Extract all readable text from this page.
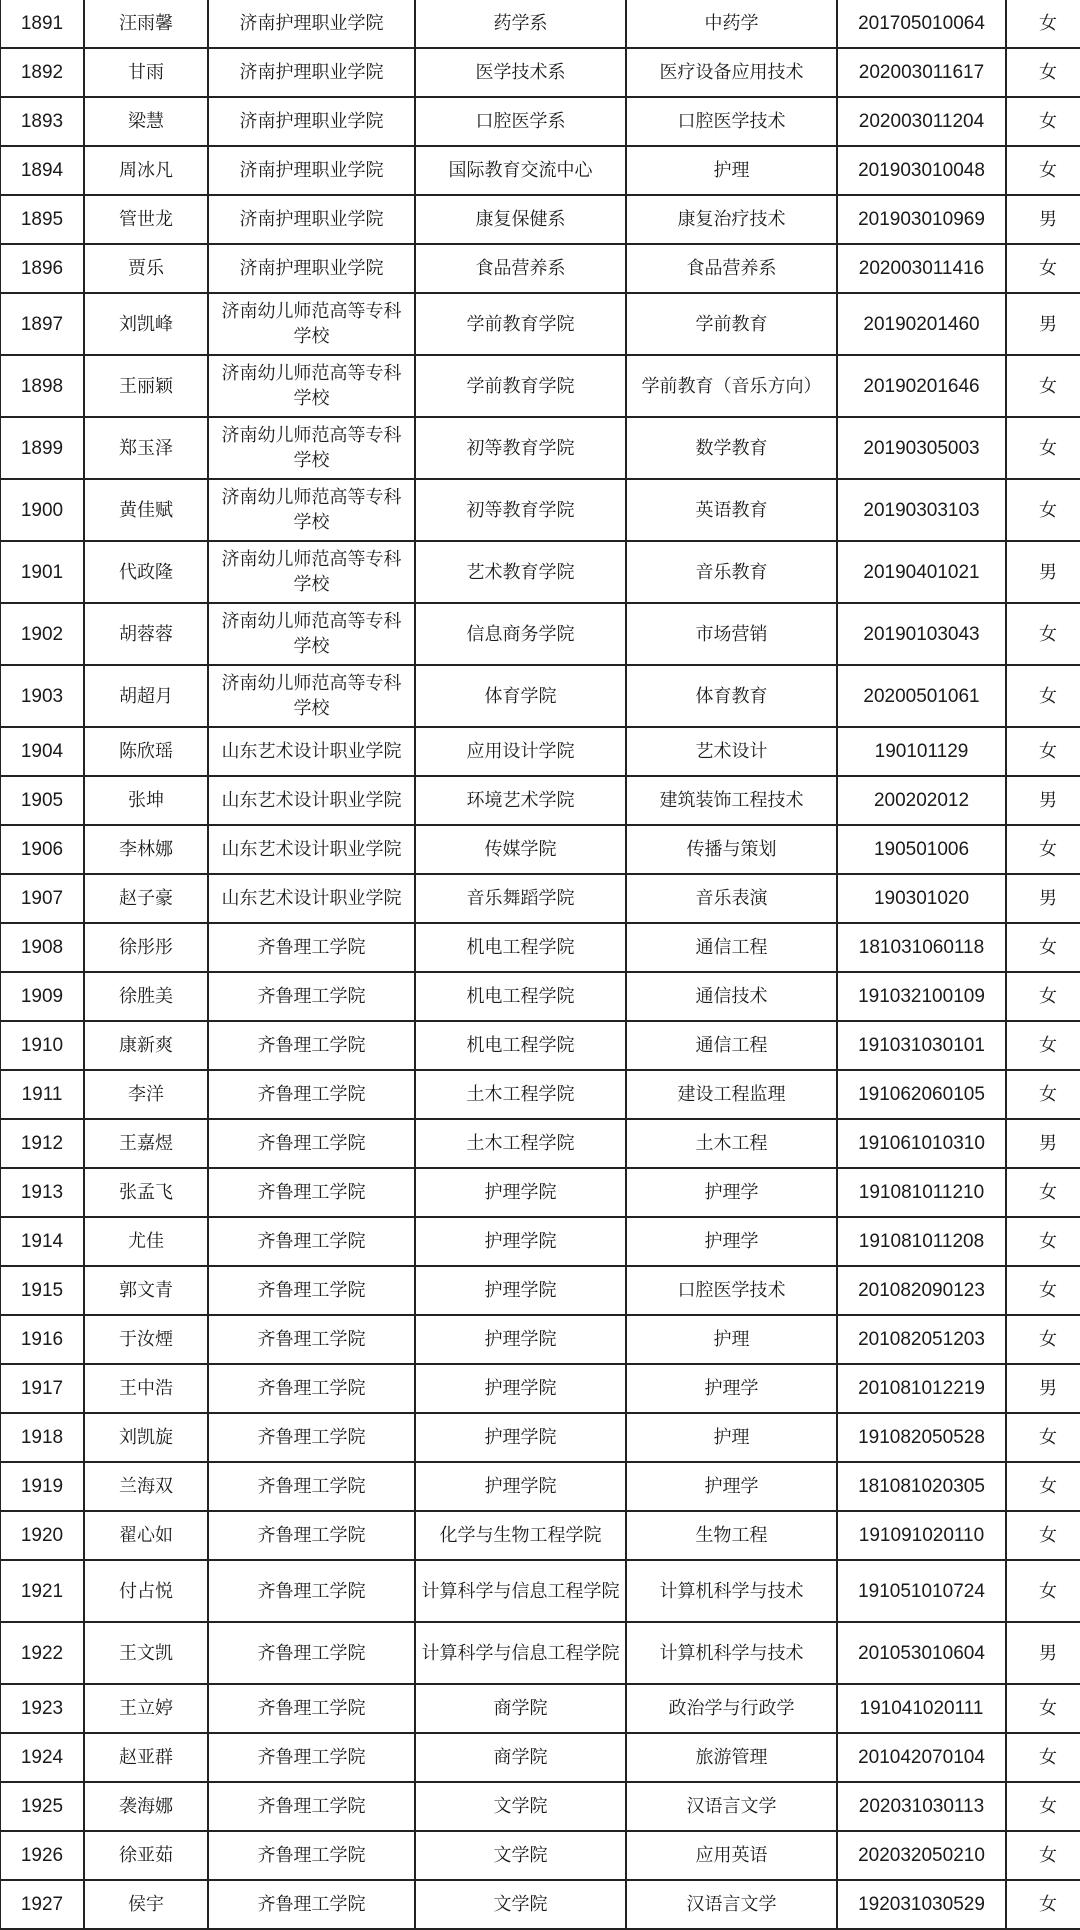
1891	汪雨馨	济南护理职业学院	药学系	中药学	201705010064	女
1892	甘雨	济南护理职业学院	医学技术系	医疗设备应用技术	202003011617	女
1893	梁慧	济南护理职业学院	口腔医学系	口腔医学技术	202003011204	女
1894	周冰凡	济南护理职业学院	国际教育交流中心	护理	201903010048	女
1895	管世龙	济南护理职业学院	康复保健系	康复治疗技术	201903010969	男
1896	贾乐	济南护理职业学院	食品营养系	食品营养系	202003011416	女
1897	刘凯峰	济南幼儿师范高等专科学校	学前教育学院	学前教育	20190201460	男
1898	王丽颖	济南幼儿师范高等专科学校	学前教育学院	学前教育（音乐方向）	20190201646	女
1899	郑玉泽	济南幼儿师范高等专科学校	初等教育学院	数学教育	20190305003	女
1900	黄佳赋	济南幼儿师范高等专科学校	初等教育学院	英语教育	20190303103	女
1901	代政隆	济南幼儿师范高等专科学校	艺术教育学院	音乐教育	20190401021	男
1902	胡蓉蓉	济南幼儿师范高等专科学校	信息商务学院	市场营销	20190103043	女
1903	胡超月	济南幼儿师范高等专科学校	体育学院	体育教育	20200501061	女
1904	陈欣瑶	山东艺术设计职业学院	应用设计学院	艺术设计	190101129	女
1905	张坤	山东艺术设计职业学院	环境艺术学院	建筑装饰工程技术	200202012	男
1906	李林娜	山东艺术设计职业学院	传媒学院	传播与策划	190501006	女
1907	赵子豪	山东艺术设计职业学院	音乐舞蹈学院	音乐表演	190301020	男
1908	徐彤彤	齐鲁理工学院	机电工程学院	通信工程	181031060118	女
1909	徐胜美	齐鲁理工学院	机电工程学院	通信技术	191032100109	女
1910	康新爽	齐鲁理工学院	机电工程学院	通信工程	191031030101	女
1911	李洋	齐鲁理工学院	土木工程学院	建设工程监理	191062060105	女
1912	王嘉煜	齐鲁理工学院	土木工程学院	土木工程	191061010310	男
1913	张孟飞	齐鲁理工学院	护理学院	护理学	191081011210	女
1914	尤佳	齐鲁理工学院	护理学院	护理学	191081011208	女
1915	郭文青	齐鲁理工学院	护理学院	口腔医学技术	201082090123	女
1916	于汝煙	齐鲁理工学院	护理学院	护理	201082051203	女
1917	王中浩	齐鲁理工学院	护理学院	护理学	201081012219	男
1918	刘凯旋	齐鲁理工学院	护理学院	护理	191082050528	女
1919	兰海双	齐鲁理工学院	护理学院	护理学	181081020305	女
1920	翟心如	齐鲁理工学院	化学与生物工程学院	生物工程	191091020110	女
1921	付占悦	齐鲁理工学院	计算科学与信息工程学院	计算机科学与技术	191051010724	女
1922	王文凯	齐鲁理工学院	计算科学与信息工程学院	计算机科学与技术	201053010604	男
1923	王立婷	齐鲁理工学院	商学院	政治学与行政学	191041020111	女
1924	赵亚群	齐鲁理工学院	商学院	旅游管理	201042070104	女
1925	袭海娜	齐鲁理工学院	文学院	汉语言文学	202031030113	女
1926	徐亚茹	齐鲁理工学院	文学院	应用英语	202032050210	女
1927	侯宇	齐鲁理工学院	文学院	汉语言文学	192031030529	女
